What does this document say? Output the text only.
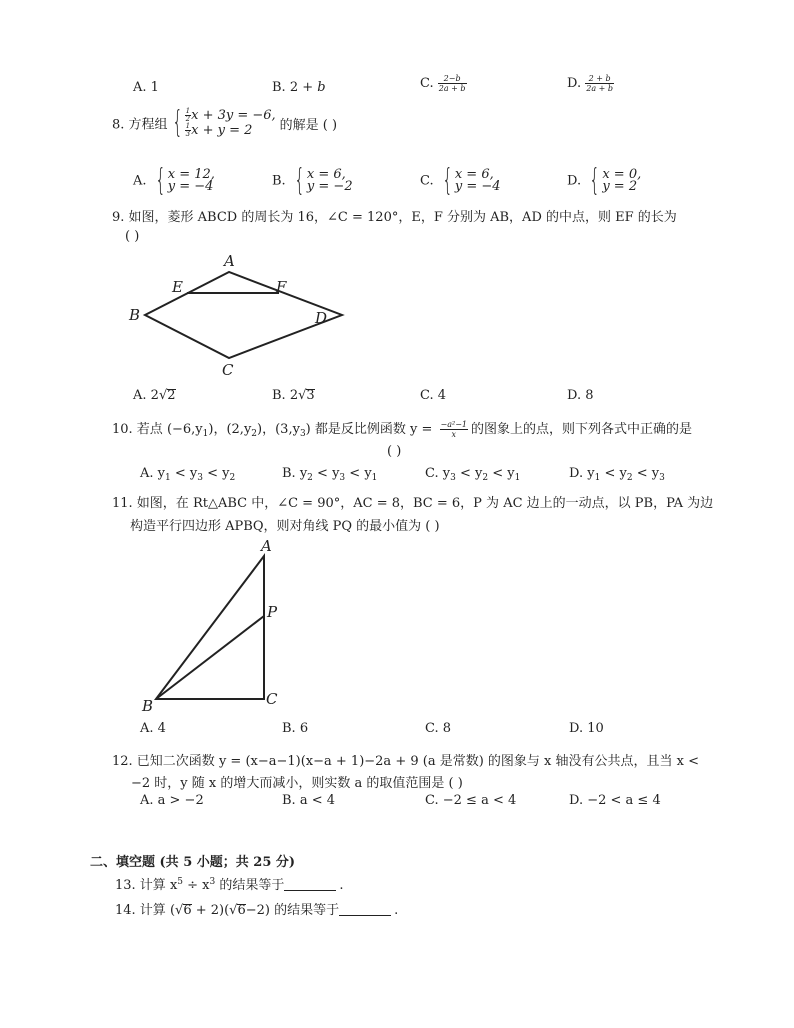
A. 1	B. 2 + b	C. $\frac{2-b}{2a + b}$	D. $\frac{2 + b}{2a + b}$
8. 方程组 { $\frac{1}{2}$ x + 3y = −6,
$\frac{1}{3}$ x + y = 2	的解是 ( )
A. { x = 12,
y = −4	B. { x = 6,
y = −2	C. { x = 6,
y = −4	D. { x = 0,
y = 2
9. 如图，菱形 ABCD 的周长为 16，∠C = 120°，E，F 分别为 AB，AD 的中点，则 EF 的长为
( )
A
B
C
D
E	F
A. 2√2	B. 2√3	C. 4	D. 8
10. 若点 $(-6,y_1)$，$(2,y_2)$，$(3,y_3)$ 都是反比例函数 $y = \frac{\text{−a²−1}}{x}$ 的图象上的点，则下列各式中正确的是
( )
A. $y_1 < y_3 < y_2$	B. $y_2 < y_3 < y_1$	C. $y_3 < y_2 < y_1$	D. $y_1 < y_2 < y_3$
11. 如图，在 Rt△ABC 中，∠C = 90°，AC = 8，BC = 6，P 为 AC 边上的一动点，以 PB，PA 为边
构造平行四边形 APBQ，则对角线 PQ 的最小值为 ( )
A
B	C
P
A. 4	B. 6	C. 8	D. 10
12. 已知二次函数 y = (x−a−1)(x−a + 1)−2a + 9 (a 是常数) 的图象与 x 轴没有公共点，且当 x <
−2 时，y 随 x 的增大而减小，则实数 a 的取值范围是 ( )
A. a > −2	B. a < 4	C. −2 ≤ a < 4	D. −2 < a ≤ 4
二、填空题 (共 5 小题；共 25 分)
13. 计算 $x^5 \div x^3$ 的结果等于	.
14. 计算 (√6 + 2)(√6−2) 的结果等于	.
